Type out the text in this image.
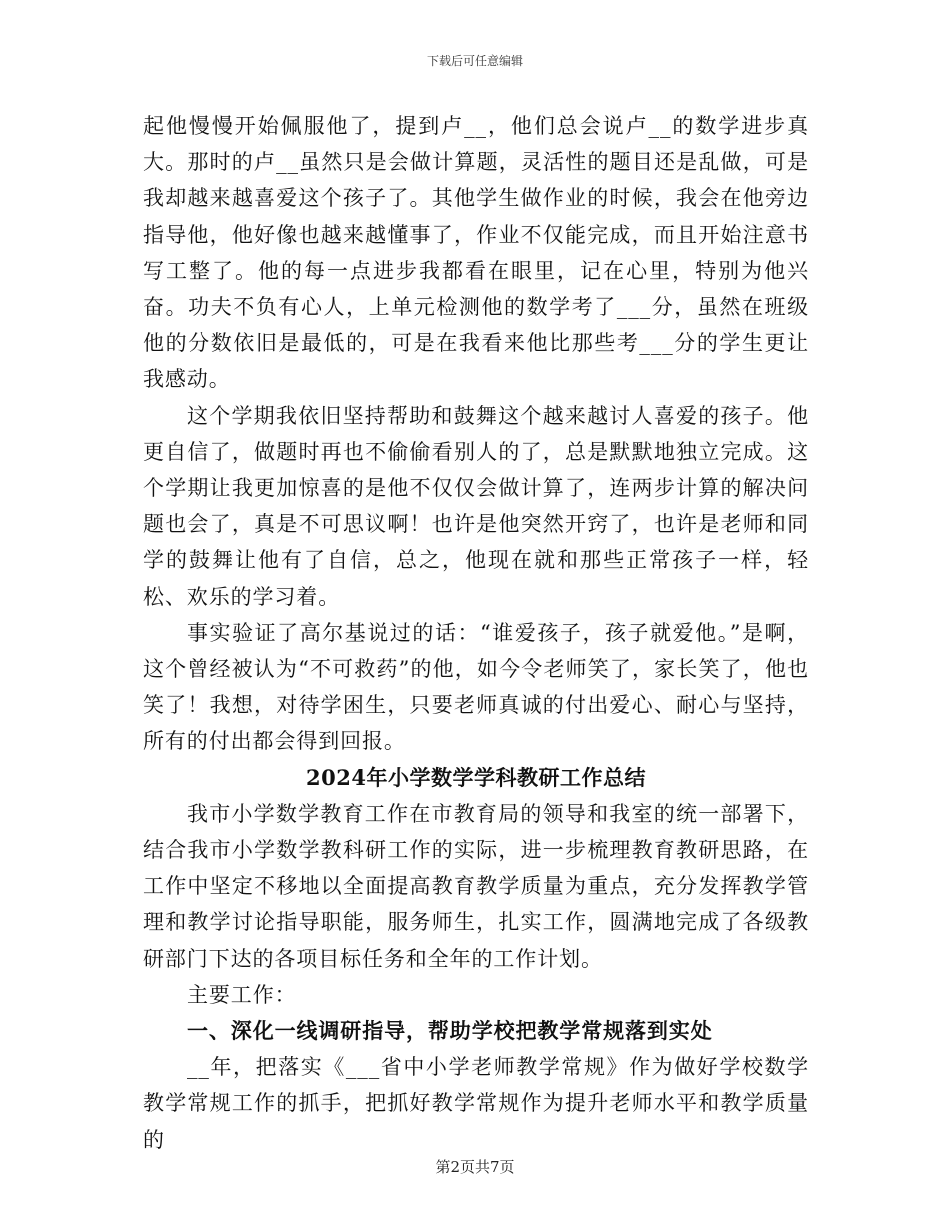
下载后可任意编辑

起他慢慢开始佩服他了，提到卢__，他们总会说卢__的数学进步真大。那时的卢__虽然只是会做计算题，灵活性的题目还是乱做，可是我却越来越喜爱这个孩子了。其他学生做作业的时候，我会在他旁边指导他，他好像也越来越懂事了，作业不仅能完成，而且开始注意书写工整了。他的每一点进步我都看在眼里，记在心里，特别为他兴奋。功夫不负有心人，上单元检测他的数学考了___分，虽然在班级他的分数依旧是最低的，可是在我看来他比那些考___分的学生更让我感动。

这个学期我依旧坚持帮助和鼓舞这个越来越讨人喜爱的孩子。他更自信了，做题时再也不偷偷看别人的了，总是默默地独立完成。这个学期让我更加惊喜的是他不仅仅会做计算了，连两步计算的解决问题也会了，真是不可思议啊！也许是他突然开窍了，也许是老师和同学的鼓舞让他有了自信，总之，他现在就和那些正常孩子一样，轻松、欢乐的学习着。

事实验证了高尔基说过的话：“谁爱孩子，孩子就爱他。”是啊，这个曾经被认为“不可救药”的他，如今令老师笑了，家长笑了，他也笑了！我想，对待学困生，只要老师真诚的付出爱心、耐心与坚持，所有的付出都会得到回报。

2024年小学数学学科教研工作总结

我市小学数学教育工作在市教育局的领导和我室的统一部署下，结合我市小学数学教科研工作的实际，进一步梳理教育教研思路，在工作中坚定不移地以全面提高教育教学质量为重点，充分发挥教学管理和教学讨论指导职能，服务师生，扎实工作，圆满地完成了各级教研部门下达的各项目标任务和全年的工作计划。

主要工作：

一、深化一线调研指导，帮助学校把教学常规落到实处

__年，把落实《___省中小学老师教学常规》作为做好学校数学教学常规工作的抓手，把抓好教学常规作为提升老师水平和教学质量的

第2页共7页
